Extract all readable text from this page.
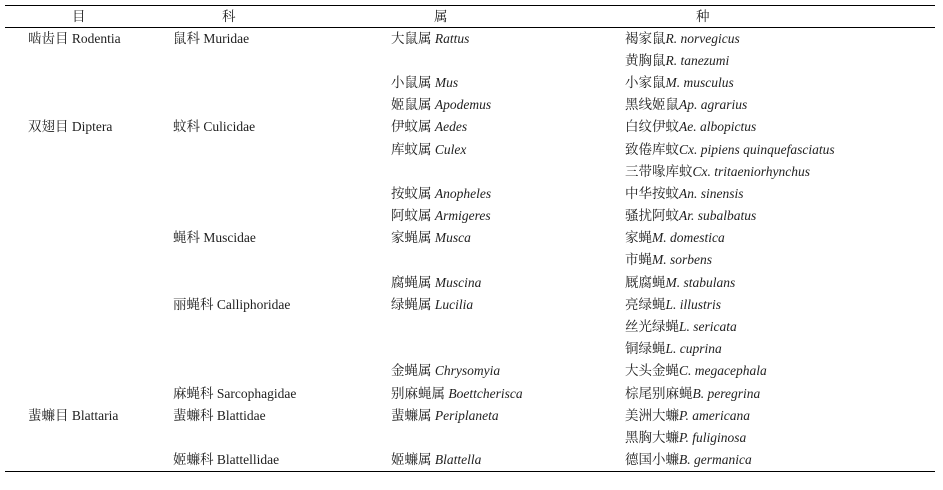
目	科	属	种
啮齿目 Rodentia	鼠科 Muridae	大鼠属 Rattus	褐家鼠R. norvegicus
			黄胸鼠R. tanezumi
		小鼠属 Mus	小家鼠M. musculus
		姬鼠属 Apodemus	黑线姬鼠Ap. agrarius
双翅目 Diptera	蚊科 Culicidae	伊蚊属 Aedes	白纹伊蚊Ae. albopictus
		库蚊属 Culex	致倦库蚊Cx. pipiens quinquefasciatus
			三带喙库蚊Cx. tritaeniorhynchus
		按蚊属 Anopheles	中华按蚊An. sinensis
		阿蚊属 Armigeres	骚扰阿蚊Ar. subalbatus
	蝇科 Muscidae	家蝇属 Musca	家蝇M. domestica
			市蝇M. sorbens
		腐蝇属 Muscina	厩腐蝇M. stabulans
	丽蝇科 Calliphoridae	绿蝇属 Lucilia	亮绿蝇L. illustris
			丝光绿蝇L. sericata
			铜绿蝇L. cuprina
		金蝇属 Chrysomyia	大头金蝇C. megacephala
	麻蝇科 Sarcophagidae	别麻蝇属 Boettcherisca	棕尾别麻蝇B. peregrina
蜚蠊目 Blattaria	蜚蠊科 Blattidae	蜚蠊属 Periplaneta	美洲大蠊P. americana
			黑胸大蠊P. fuliginosa
	姬蠊科 Blattellidae	姬蠊属 Blattella	德国小蠊B. germanica
